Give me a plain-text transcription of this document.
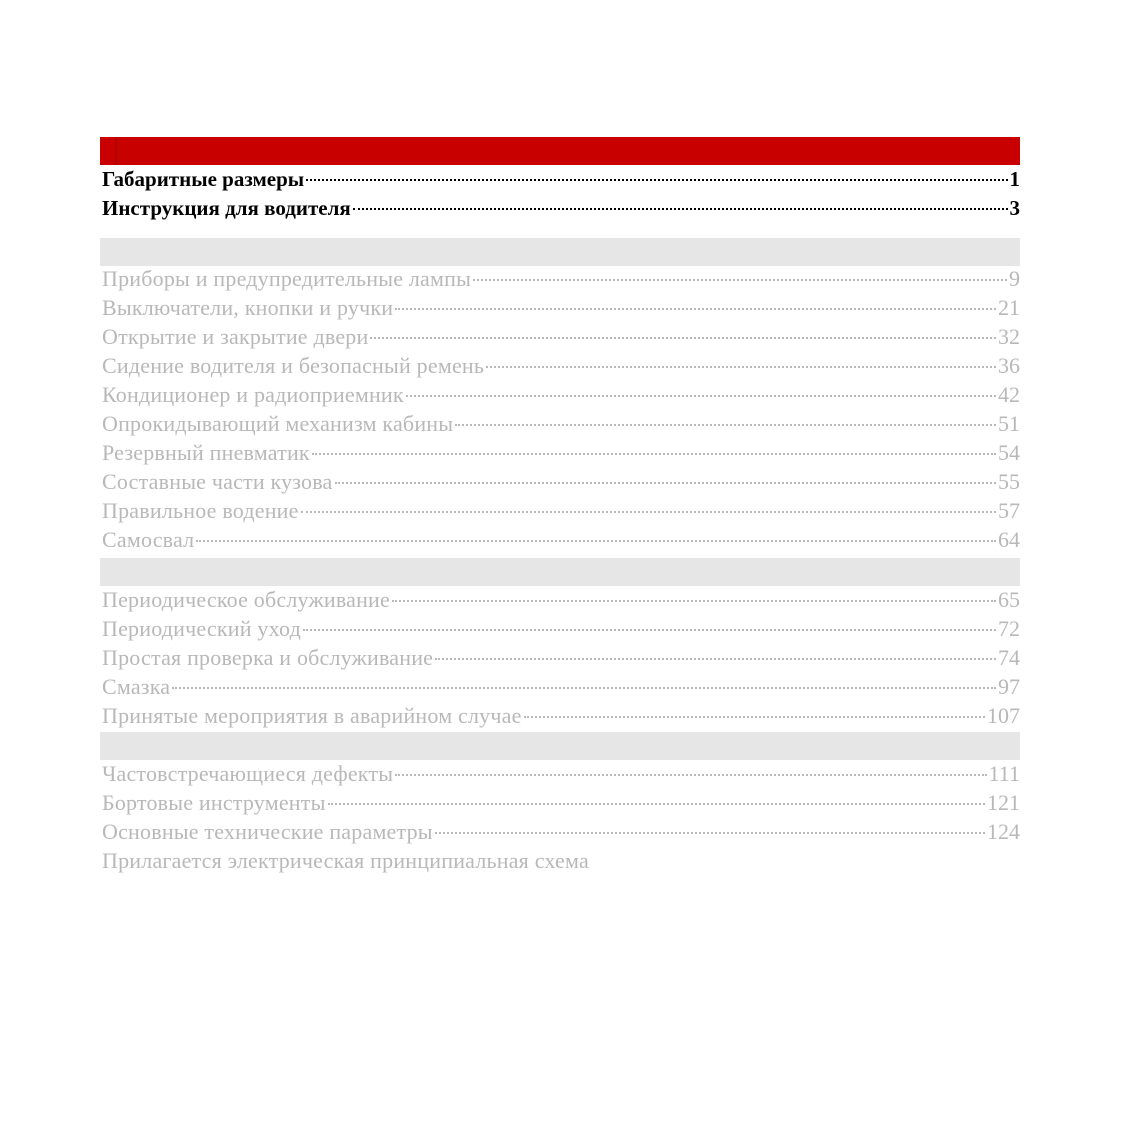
Габаритные размеры	1
Инструкция для водителя	3
Приборы и предупредительные лампы	9
Выключатели, кнопки и ручки	21
Открытие и закрытие двери	32
Сидение водителя и безопасный ремень	36
Кондиционер и радиоприемник	42
Опрокидывающий механизм кабины	51
Резервный пневматик	54
Составные части кузова	55
Правильное водение	57
Самосвал	64
Периодическое обслуживание	65
Периодический уход	72
Простая проверка и обслуживание	74
Смазка	97
Принятые мероприятия в аварийном случае	107
Частовстречающиеся дефекты	111
Бортовые инструменты	121
Основные технические параметры	124
Прилагается электрическая принципиальная схема
